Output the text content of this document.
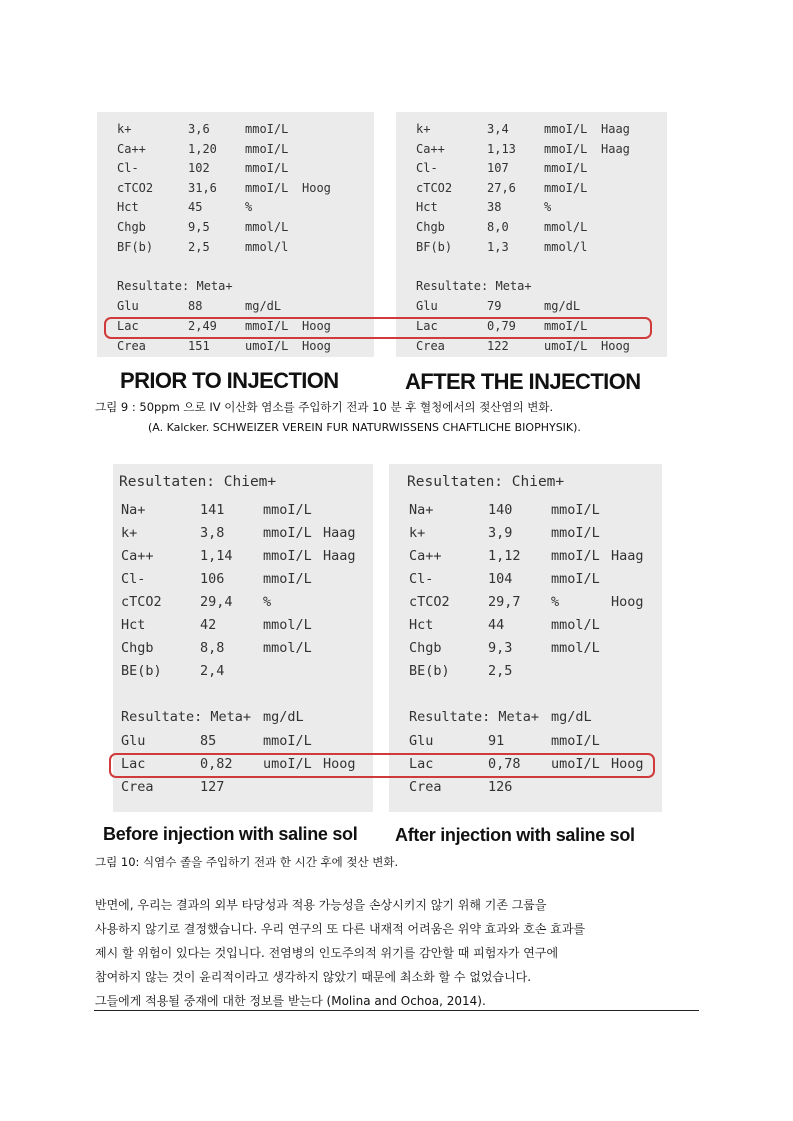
k+	3,6	mmoI/L
Ca++	1,20 mmoI/L
Cl-	102	mmoI/L
cTCO2	31,6 mmoI/L Hoog
Hct	45	%
Chgb	9,5	mmol/L
BF(b)	2,5	mmol/l
Resultate: Meta+
Glu	88	mg/dL
Lac	2,49 mmoI/L Hoog
Crea	151	umoI/L Hoog
k+	3,4	mmoI/L Haag
Ca++	1,13 mmoI/L Haag
Cl-	107	mmoI/L
cTCO2	27,6 mmoI/L
Hct	38	%
Chgb	8,0	mmol/L
BF(b)	1,3	mmol/l
Resultate: Meta+
Glu	79	mg/dL
Lac	0,79 mmoI/L
Crea	122	umoI/L Hoog
PRIOR TO INJECTION	AFTER THE INJECTION
그림 9 : 50ppm 으로 IV 이산화 염소를 주입하기 전과 10 분 후 혈청에서의 젖산염의 변화.
(A. Kalcker. SCHWEIZER VEREIN FUR NATURWISSENS CHAFTLICHE BIOPHYSIK).
Resultaten: Chiem+
Na+	141	mmoI/L
k+	3,8	mmoI/L Haag
Ca++	1,14 mmoI/L Haag
Cl-	106	mmoI/L
cTCO2	29,4 %
Hct	42	mmol/L
Chgb	8,8	mmol/L
BE(b)	2,4
Resultate: Meta+ mg/dL
Glu	85	mmoI/L
Lac	0,82 umoI/L Hoog
Crea	127
Resultaten: Chiem+
Na+	140	mmoI/L
k+	3,9	mmoI/L
Ca++	1,12 mmoI/L Haag
Cl-	104	mmoI/L
cTCO2	29,7 %	Hoog
Hct	44	mmol/L
Chgb	9,3	mmol/L
BE(b)	2,5
Resultate: Meta+ mg/dL
Glu	91	mmoI/L
Lac	0,78 umoI/L Hoog
Crea	126
Before injection with saline sol After injection with saline sol
그림 10: 식염수 졸을 주입하기 전과 한 시간 후에 젖산 변화.
반면에, 우리는 결과의 외부 타당성과 적용 가능성을 손상시키지 않기 위해 기존 그룹을
사용하지 않기로 결정했습니다. 우리 연구의 또 다른 내재적 어려움은 위약 효과와 호손 효과를
제시 할 위험이 있다는 것입니다. 전염병의 인도주의적 위기를 감안할 때 피험자가 연구에
참여하지 않는 것이 윤리적이라고 생각하지 않았기 때문에 최소화 할 수 없었습니다.
그들에게 적용될 중재에 대한 정보를 받는다 (Molina and Ochoa, 2014).
